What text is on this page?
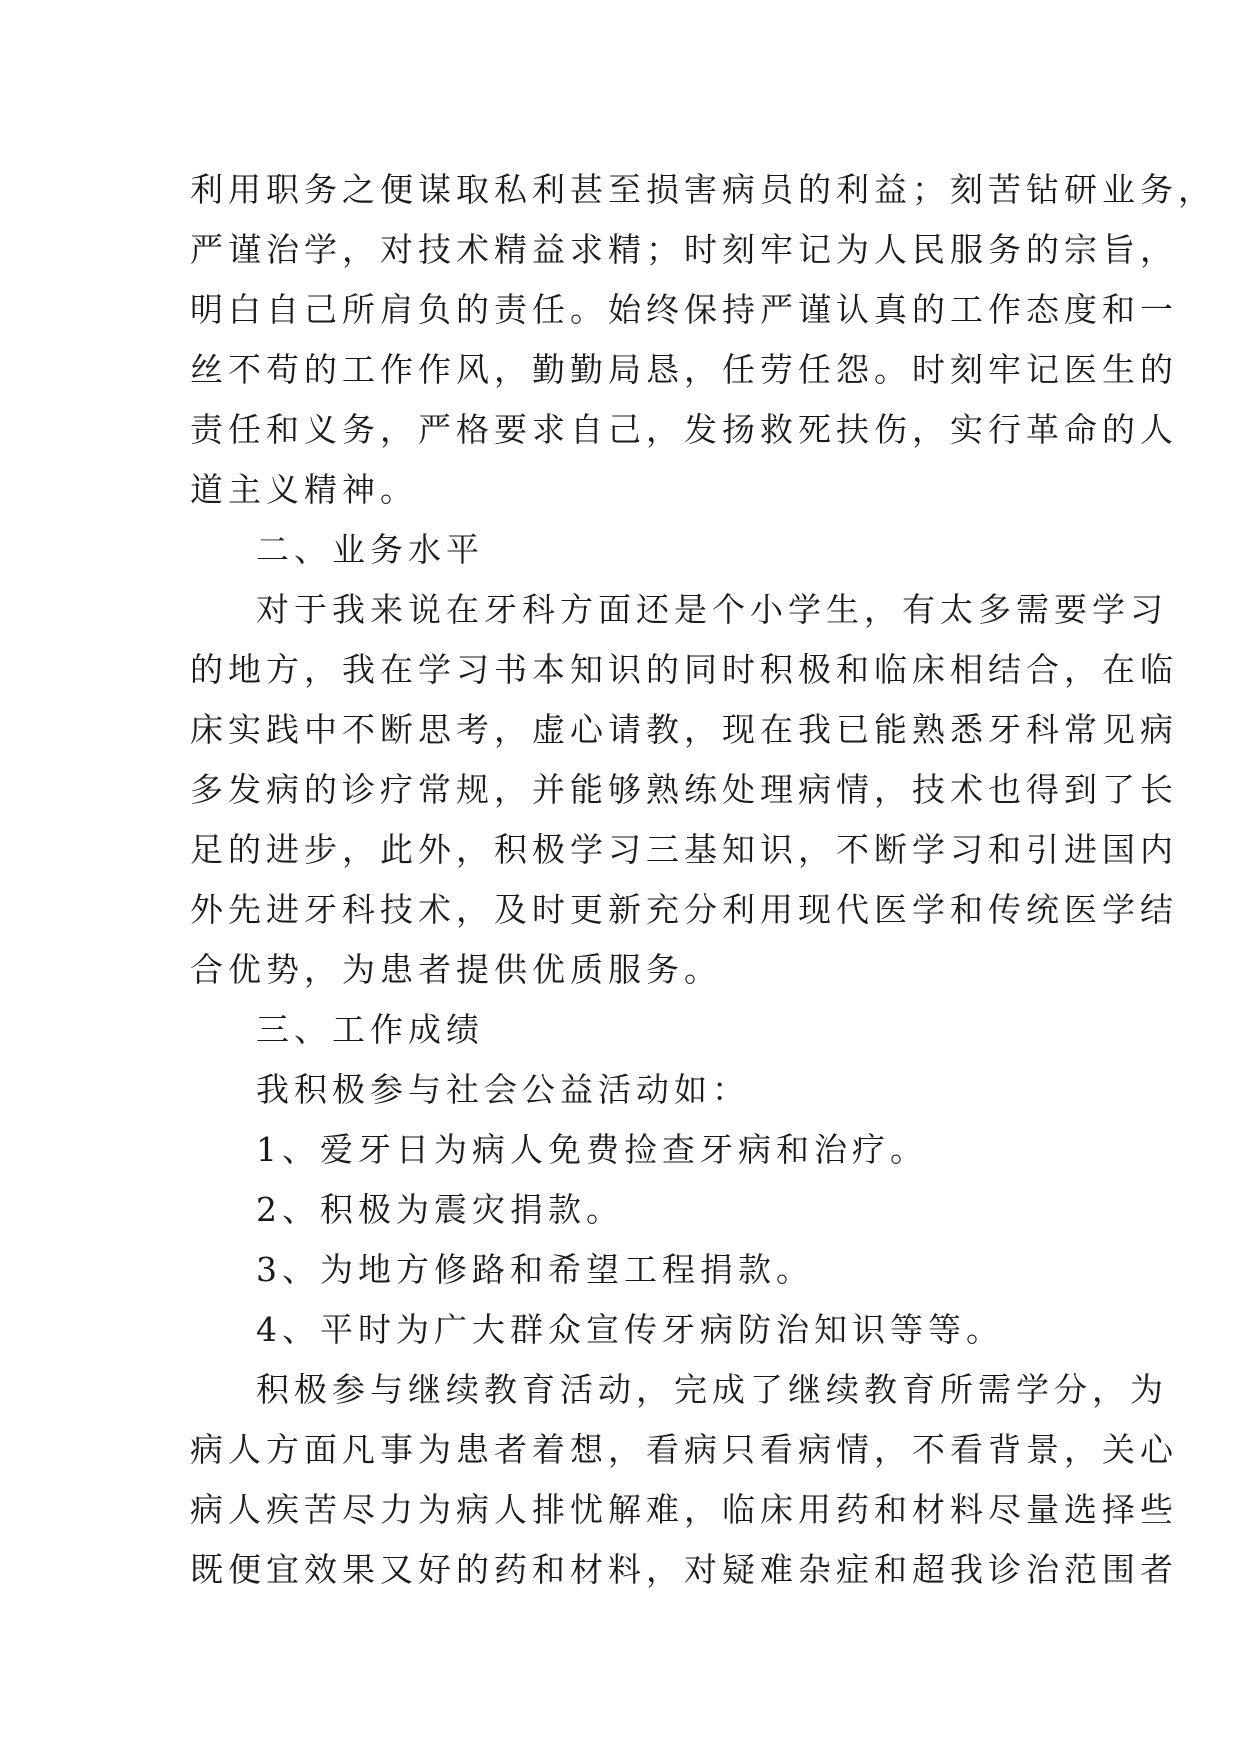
利用职务之便谋取私利甚至损害病员的利益；刻苦钻研业务，
严谨治学，对技术精益求精；时刻牢记为人民服务的宗旨，
明白自己所肩负的责任。始终保持严谨认真的工作态度和一
丝不苟的工作作风，勤勤局恳，任劳任怨。时刻牢记医生的
责任和义务，严格要求自己，发扬救死扶伤，实行革命的人
道主义精神。
二、业务水平
对于我来说在牙科方面还是个小学生，有太多需要学习
的地方，我在学习书本知识的同时积极和临床相结合，在临
床实践中不断思考，虚心请教，现在我已能熟悉牙科常见病
多发病的诊疗常规，并能够熟练处理病情，技术也得到了长
足的进步，此外，积极学习三基知识，不断学习和引进国内
外先进牙科技术，及时更新充分利用现代医学和传统医学结
合优势，为患者提供优质服务。
三、工作成绩
我积极参与社会公益活动如：
1、爱牙日为病人免费捡查牙病和治疗。
2、积极为震灾捐款。
3、为地方修路和希望工程捐款。
4、平时为广大群众宣传牙病防治知识等等。
积极参与继续教育活动，完成了继续教育所需学分，为
病人方面凡事为患者着想，看病只看病情，不看背景，关心
病人疾苦尽力为病人排忧解难，临床用药和材料尽量选择些
既便宜效果又好的药和材料，对疑难杂症和超我诊治范围者
